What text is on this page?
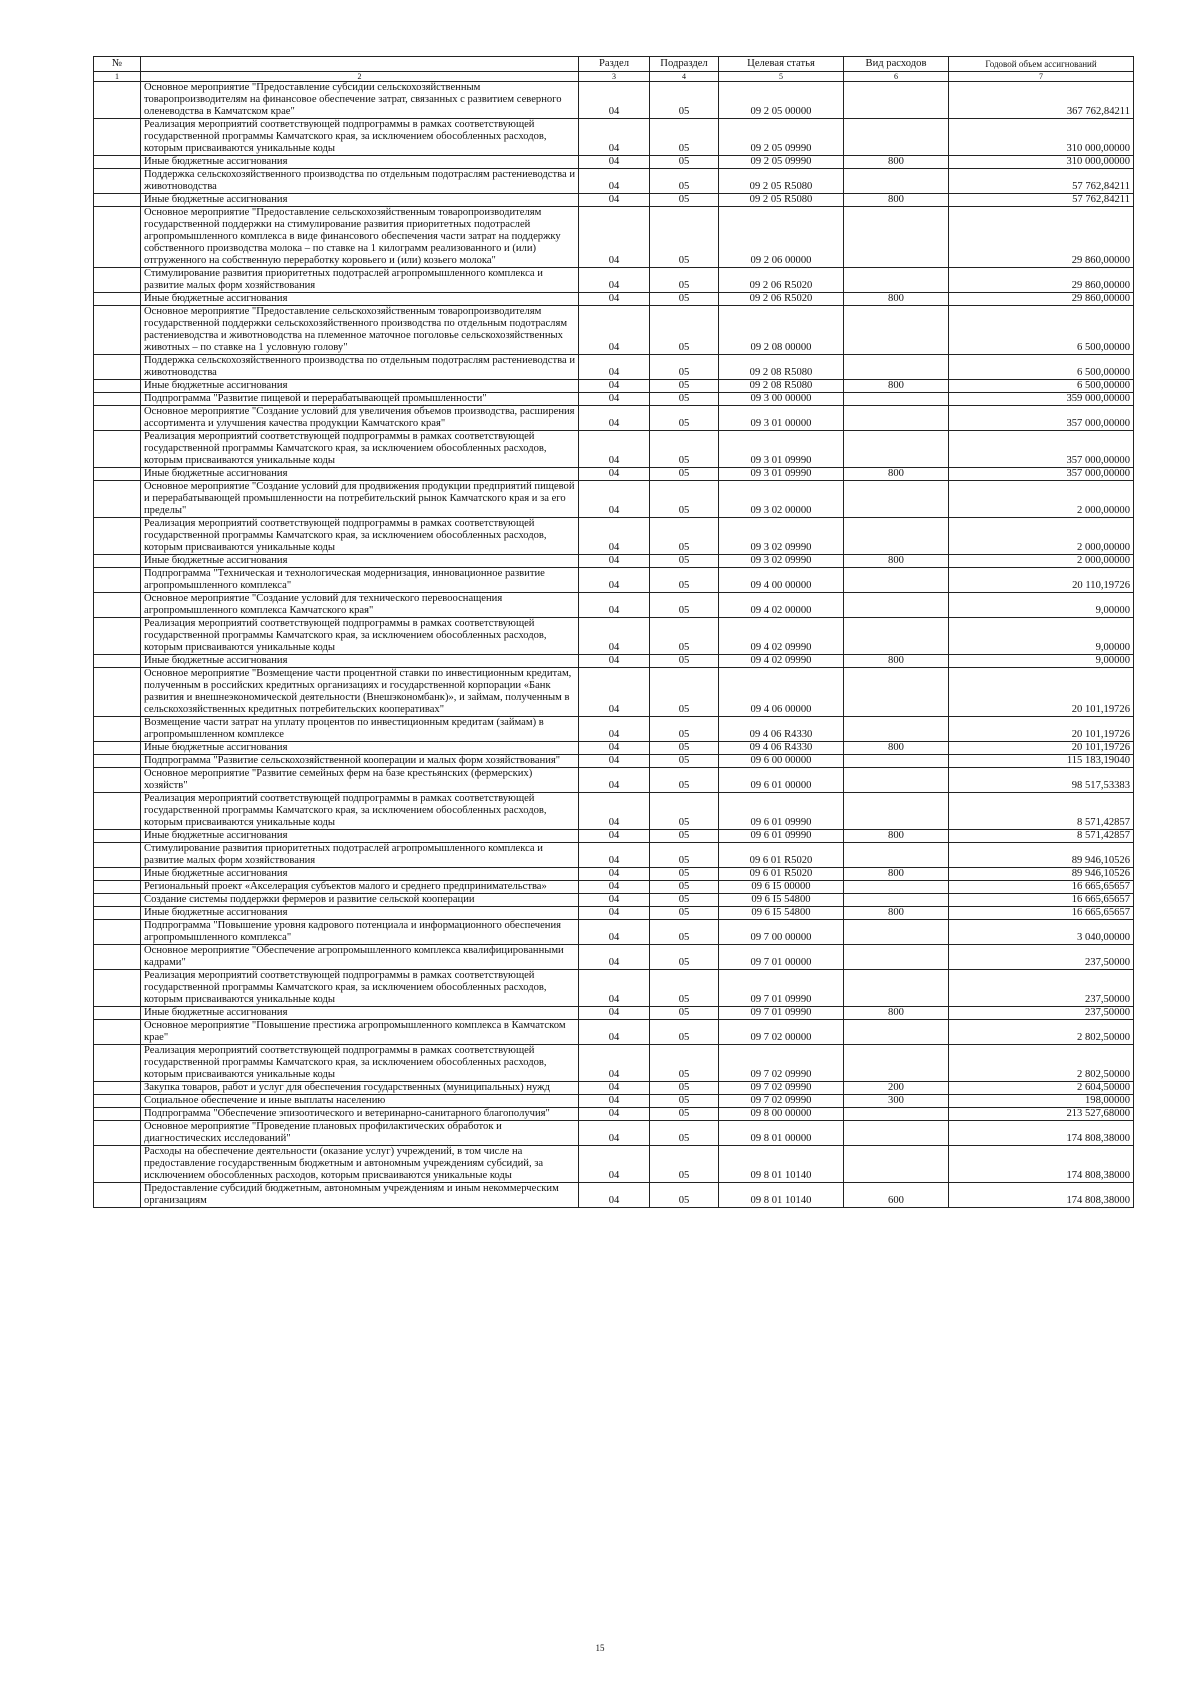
№		Раздел	Подраздел	Целевая статья	Вид расходов	Годовой объем ассигнований
1	2	3	4	5	6	7
	Основное мероприятие "Предоставление субсидии сельскохозяйственным товаропроизводителям на финансовое обеспечение затрат, связанных с развитием северного оленеводства в Камчатском крае"	04	05	09 2 05 00000		367 762,84211
	Реализация мероприятий соответствующей подпрограммы в рамках соответствующей государственной программы Камчатского края, за исключением обособленных расходов, которым присваиваются уникальные коды	04	05	09 2 05 09990		310 000,00000
	Иные бюджетные ассигнования	04	05	09 2 05 09990	800	310 000,00000
	Поддержка сельскохозяйственного производства по отдельным подотраслям растениеводства и животноводства	04	05	09 2 05 R5080		57 762,84211
	Иные бюджетные ассигнования	04	05	09 2 05 R5080	800	57 762,84211
	Основное мероприятие "Предоставление сельскохозяйственным товаропроизводителям государственной поддержки на стимулирование развития приоритетных подотраслей агропромышленного комплекса в виде финансового обеспечения части затрат на поддержку собственного производства молока – по ставке на 1 килограмм реализованного и (или) отгруженного на собственную переработку коровьего и (или) козьего молока"	04	05	09 2 06 00000		29 860,00000
	Стимулирование развития приоритетных подотраслей агропромышленного комплекса и развитие малых форм хозяйствования	04	05	09 2 06 R5020		29 860,00000
	Иные бюджетные ассигнования	04	05	09 2 06 R5020	800	29 860,00000
	Основное мероприятие "Предоставление сельскохозяйственным товаропроизводителям государственной поддержки сельскохозяйственного производства по отдельным подотраслям растениеводства и животноводства на племенное маточное поголовье сельскохозяйственных животных – по ставке на 1 условную голову"	04	05	09 2 08 00000		6 500,00000
	Поддержка сельскохозяйственного производства по отдельным подотраслям растениеводства и животноводства	04	05	09 2 08 R5080		6 500,00000
	Иные бюджетные ассигнования	04	05	09 2 08 R5080	800	6 500,00000
	Подпрограмма "Развитие пищевой и перерабатывающей промышленности"	04	05	09 3 00 00000		359 000,00000
	Основное мероприятие "Создание условий для увеличения объемов производства, расширения ассортимента и улучшения качества продукции Камчатского края"	04	05	09 3 01 00000		357 000,00000
	Реализация мероприятий соответствующей подпрограммы в рамках соответствующей государственной программы Камчатского края, за исключением обособленных расходов, которым присваиваются уникальные коды	04	05	09 3 01 09990		357 000,00000
	Иные бюджетные ассигнования	04	05	09 3 01 09990	800	357 000,00000
	Основное мероприятие "Создание условий для продвижения продукции предприятий пищевой и перерабатывающей промышленности на потребительский рынок Камчатского края и за его пределы"	04	05	09 3 02 00000		2 000,00000
	Реализация мероприятий соответствующей подпрограммы в рамках соответствующей государственной программы Камчатского края, за исключением обособленных расходов, которым присваиваются уникальные коды	04	05	09 3 02 09990		2 000,00000
	Иные бюджетные ассигнования	04	05	09 3 02 09990	800	2 000,00000
	Подпрограмма "Техническая и технологическая модернизация, инновационное развитие агропромышленного комплекса"	04	05	09 4 00 00000		20 110,19726
	Основное мероприятие "Создание условий для технического перевооснащения агропромышленного комплекса Камчатского края"	04	05	09 4 02 00000		9,00000
	Реализация мероприятий соответствующей подпрограммы в рамках соответствующей государственной программы Камчатского края, за исключением обособленных расходов, которым присваиваются уникальные коды	04	05	09 4 02 09990		9,00000
	Иные бюджетные ассигнования	04	05	09 4 02 09990	800	9,00000
	Основное мероприятие "Возмещение части процентной ставки по инвестиционным кредитам, полученным в российских кредитных организациях и государственной корпорации «Банк развития и внешнеэкономической деятельности (Внешэкономбанк)», и займам, полученным в сельскохозяйственных кредитных потребительских кооперативах"	04	05	09 4 06 00000		20 101,19726
	Возмещение части затрат на уплату процентов по инвестиционным кредитам (займам) в агропромышленном комплексе	04	05	09 4 06 R4330		20 101,19726
	Иные бюджетные ассигнования	04	05	09 4 06 R4330	800	20 101,19726
	Подпрограмма "Развитие сельскохозяйственной кооперации и малых форм хозяйствования"	04	05	09 6 00 00000		115 183,19040
	Основное мероприятие "Развитие семейных ферм на базе крестьянских (фермерских) хозяйств"	04	05	09 6 01 00000		98 517,53383
	Реализация мероприятий соответствующей подпрограммы в рамках соответствующей государственной программы Камчатского края, за исключением обособленных расходов, которым присваиваются уникальные коды	04	05	09 6 01 09990		8 571,42857
	Иные бюджетные ассигнования	04	05	09 6 01 09990	800	8 571,42857
	Стимулирование развития приоритетных подотраслей агропромышленного комплекса и развитие малых форм хозяйствования	04	05	09 6 01 R5020		89 946,10526
	Иные бюджетные ассигнования	04	05	09 6 01 R5020	800	89 946,10526
	Региональный проект «Акселерация субъектов малого и среднего предпринимательства»	04	05	09 6 I5 00000		16 665,65657
	Создание системы поддержки фермеров и развитие сельской кооперации	04	05	09 6 I5 54800		16 665,65657
	Иные бюджетные ассигнования	04	05	09 6 I5 54800	800	16 665,65657
	Подпрограмма "Повышение уровня кадрового потенциала и информационного обеспечения агропромышленного комплекса"	04	05	09 7 00 00000		3 040,00000
	Основное мероприятие "Обеспечение агропромышленного комплекса квалифицированными кадрами"	04	05	09 7 01 00000		237,50000
	Реализация мероприятий соответствующей подпрограммы в рамках соответствующей государственной программы Камчатского края, за исключением обособленных расходов, которым присваиваются уникальные коды	04	05	09 7 01 09990		237,50000
	Иные бюджетные ассигнования	04	05	09 7 01 09990	800	237,50000
	Основное мероприятие "Повышение престижа агропромышленного комплекса в Камчатском крае"	04	05	09 7 02 00000		2 802,50000
	Реализация мероприятий соответствующей подпрограммы в рамках соответствующей государственной программы Камчатского края, за исключением обособленных расходов, которым присваиваются уникальные коды	04	05	09 7 02 09990		2 802,50000
	Закупка товаров, работ и услуг для обеспечения государственных (муниципальных) нужд	04	05	09 7 02 09990	200	2 604,50000
	Социальное обеспечение и иные выплаты населению	04	05	09 7 02 09990	300	198,00000
	Подпрограмма "Обеспечение эпизоотического и ветеринарно-санитарного благополучия"	04	05	09 8 00 00000		213 527,68000
	Основное мероприятие "Проведение плановых профилактических обработок и диагностических исследований"	04	05	09 8 01 00000		174 808,38000
	Расходы на обеспечение деятельности (оказание услуг) учреждений, в том числе на предоставление государственным бюджетным и автономным учреждениям субсидий, за исключением обособленных расходов, которым присваиваются уникальные коды	04	05	09 8 01 10140		174 808,38000
	Предоставление субсидий бюджетным, автономным учреждениям и иным некоммерческим организациям	04	05	09 8 01 10140	600	174 808,38000
15
